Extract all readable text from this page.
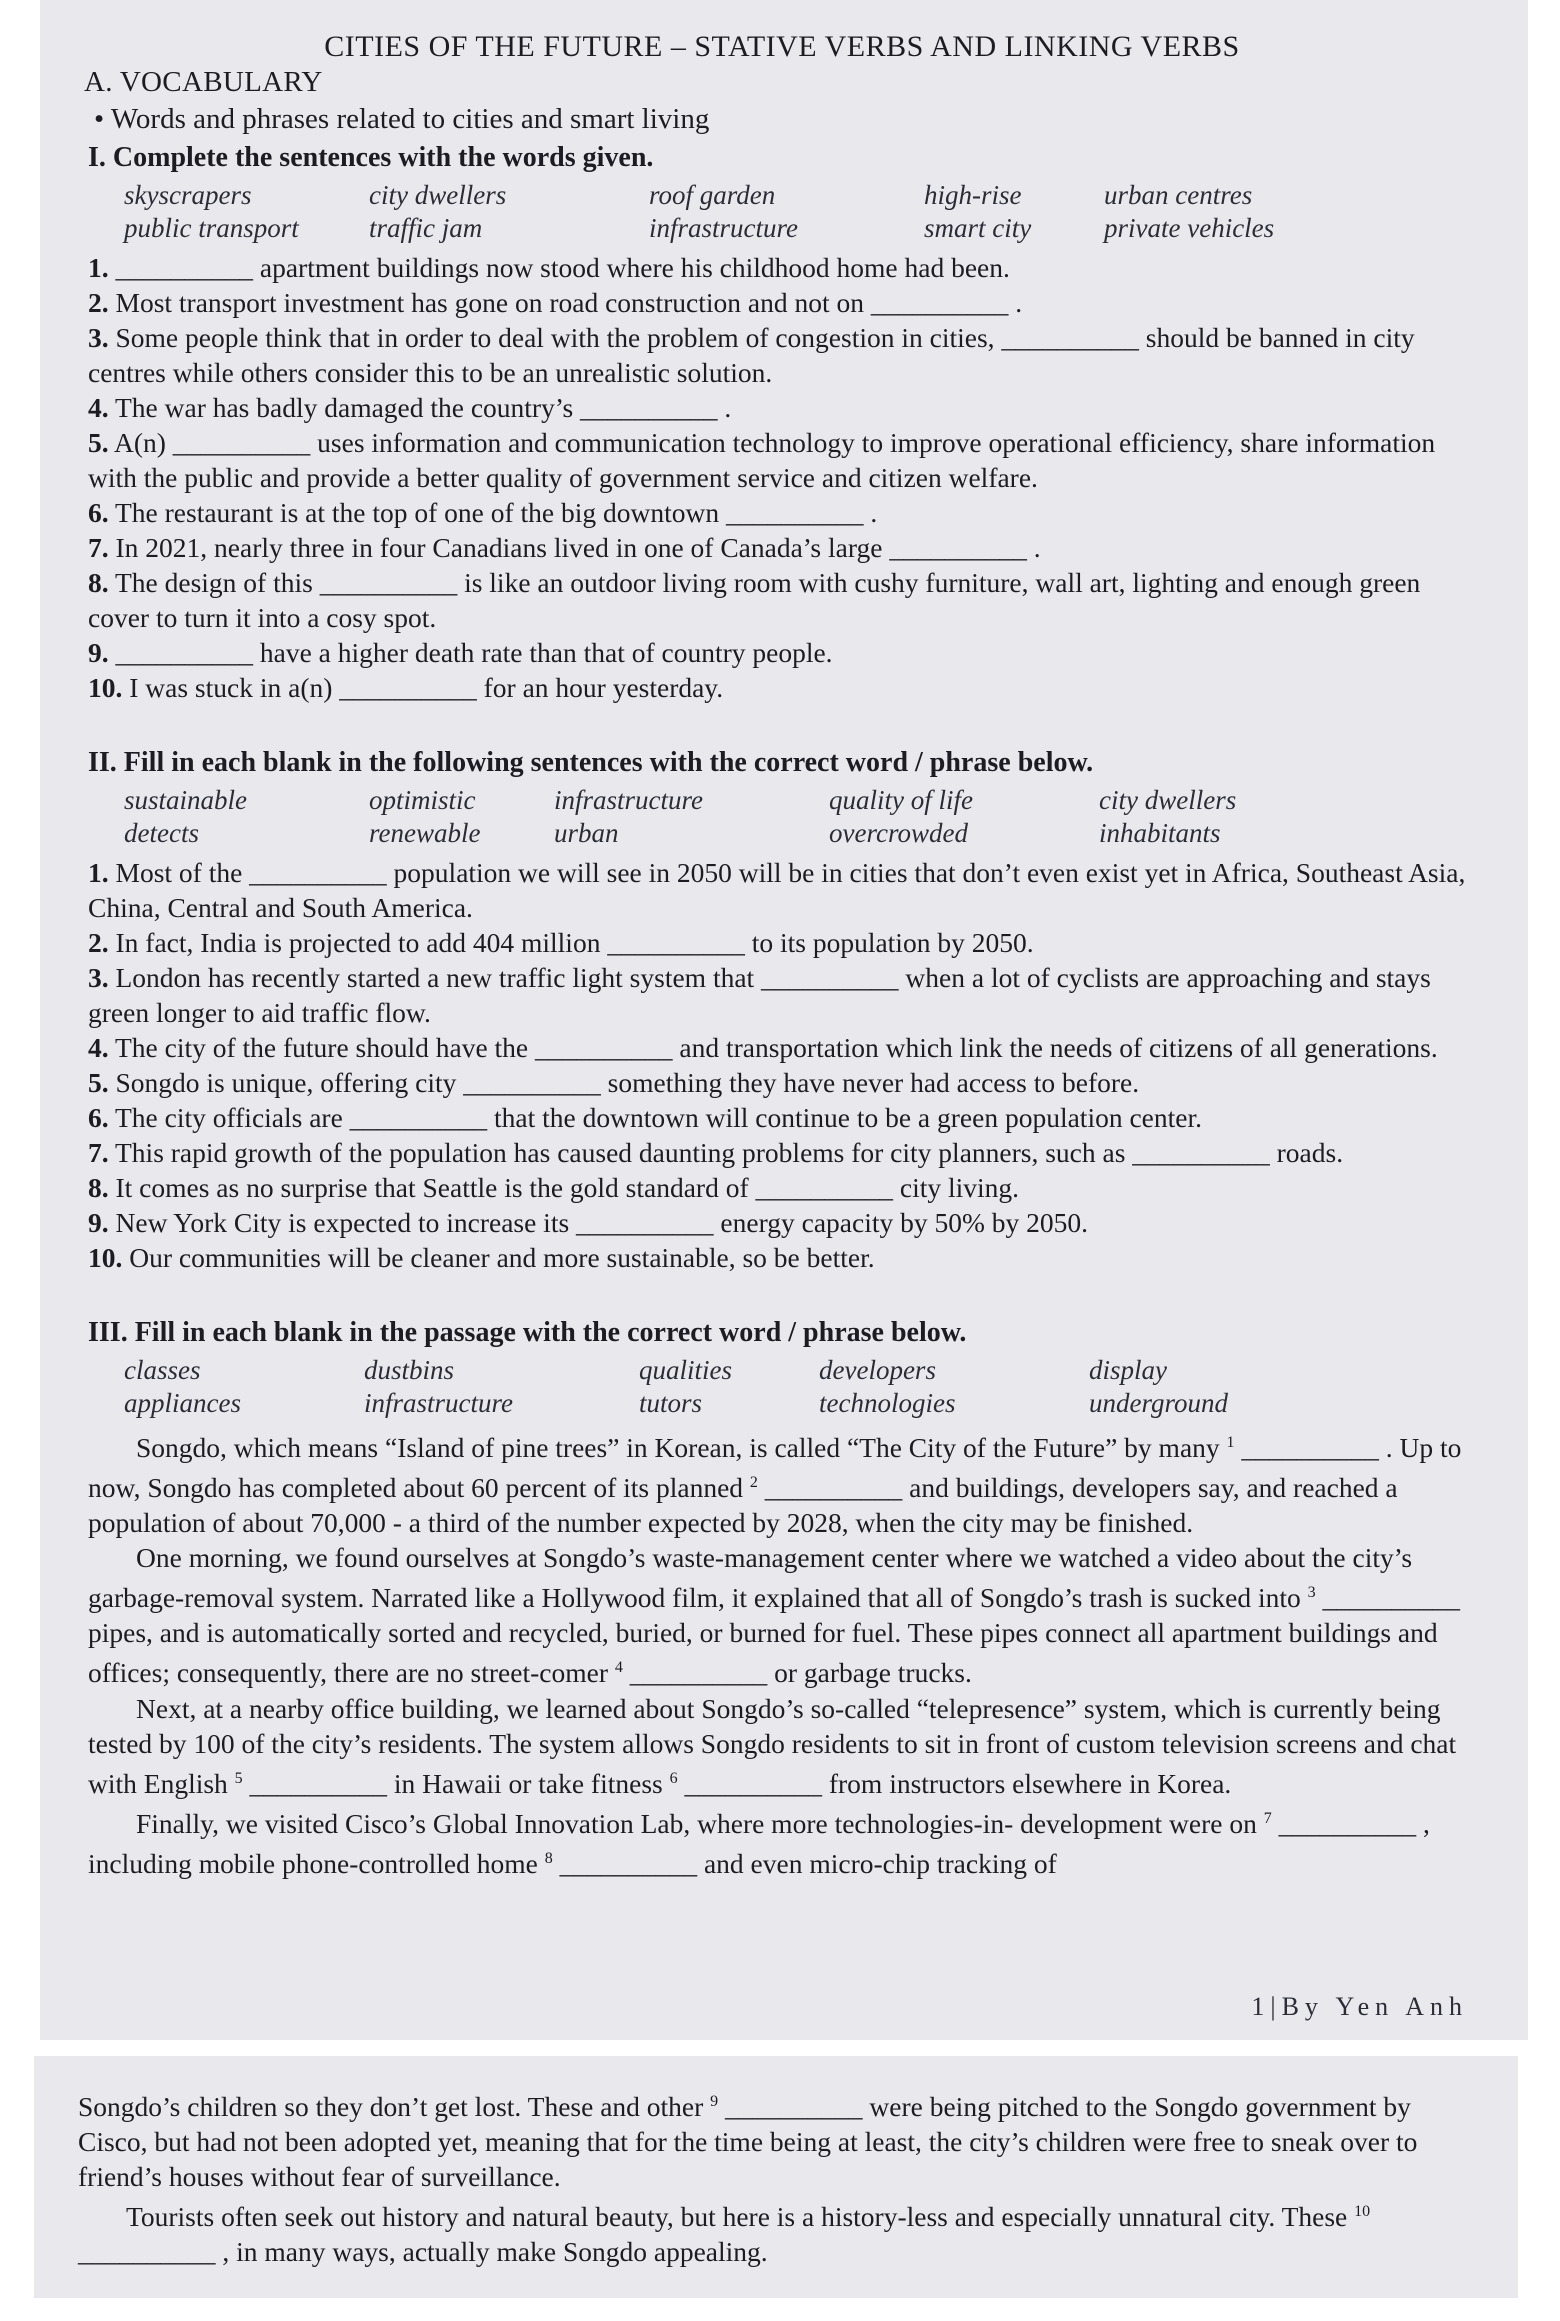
CITIES OF THE FUTURE – STATIVE VERBS AND LINKING VERBS
A. VOCABULARY
• Words and phrases related to cities and smart living
I. Complete the sentences with the words given.
skyscrapers	city dwellers	roof garden	high-rise	urban centres
public transport	traffic jam	infrastructure	smart city	private vehicles
1. __________ apartment buildings now stood where his childhood home had been.
2. Most transport investment has gone on road construction and not on __________ .
3. Some people think that in order to deal with the problem of congestion in cities, __________ should be banned in city centres while others consider this to be an unrealistic solution.
4. The war has badly damaged the country’s __________ .
5. A(n) __________ uses information and communication technology to improve operational efficiency, share information with the public and provide a better quality of government service and citizen welfare.
6. The restaurant is at the top of one of the big downtown __________ .
7. In 2021, nearly three in four Canadians lived in one of Canada’s large __________ .
8. The design of this __________ is like an outdoor living room with cushy furniture, wall art, lighting and enough green cover to turn it into a cosy spot.
9. __________ have a higher death rate than that of country people.
10. I was stuck in a(n) __________ for an hour yesterday.
II. Fill in each blank in the following sentences with the correct word / phrase below.
sustainable	optimistic	infrastructure	quality of life	city dwellers
detects	renewable	urban	overcrowded	inhabitants
1. Most of the __________ population we will see in 2050 will be in cities that don’t even exist yet in Africa, Southeast Asia, China, Central and South America.
2. In fact, India is projected to add 404 million __________ to its population by 2050.
3. London has recently started a new traffic light system that __________ when a lot of cyclists are approaching and stays green longer to aid traffic flow.
4. The city of the future should have the __________ and transportation which link the needs of citizens of all generations.
5. Songdo is unique, offering city __________ something they have never had access to before.
6. The city officials are __________ that the downtown will continue to be a green population center.
7. This rapid growth of the population has caused daunting problems for city planners, such as __________ roads.
8. It comes as no surprise that Seattle is the gold standard of __________ city living.
9. New York City is expected to increase its __________ energy capacity by 50% by 2050.
10. Our communities will be cleaner and more sustainable, so be better.
III. Fill in each blank in the passage with the correct word / phrase below.
classes	dustbins	qualities	developers	display
appliances	infrastructure	tutors	technologies	underground
Songdo, which means “Island of pine trees” in Korean, is called “The City of the Future” by many $^1$ __________ . Up to now, Songdo has completed about 60 percent of its planned $^2$ __________ and buildings, developers say, and reached a population of about 70,000 - a third of the number expected by 2028, when the city may be finished.
One morning, we found ourselves at Songdo’s waste-management center where we watched a video about the city’s garbage-removal system. Narrated like a Hollywood film, it explained that all of Songdo’s trash is sucked into $^3$ __________ pipes, and is automatically sorted and recycled, buried, or burned for fuel. These pipes connect all apartment buildings and offices; consequently, there are no street-comer $^4$ __________ or garbage trucks.
Next, at a nearby office building, we learned about Songdo’s so-called “telepresence” system, which is currently being tested by 100 of the city’s residents. The system allows Songdo residents to sit in front of custom television screens and chat with English $^5$ __________ in Hawaii or take fitness $^6$ __________ from instructors elsewhere in Korea.
Finally, we visited Cisco’s Global Innovation Lab, where more technologies-in- development were on $^7$ __________ , including mobile phone-controlled home $^8$ __________ and even micro-chip tracking of
1|By Yen Anh
Songdo’s children so they don’t get lost. These and other $^9$ __________ were being pitched to the Songdo government by Cisco, but had not been adopted yet, meaning that for the time being at least, the city’s children were free to sneak over to friend’s houses without fear of surveillance.
Tourists often seek out history and natural beauty, but here is a history-less and especially unnatural city. These $^{10}$ __________ , in many ways, actually make Songdo appealing.
